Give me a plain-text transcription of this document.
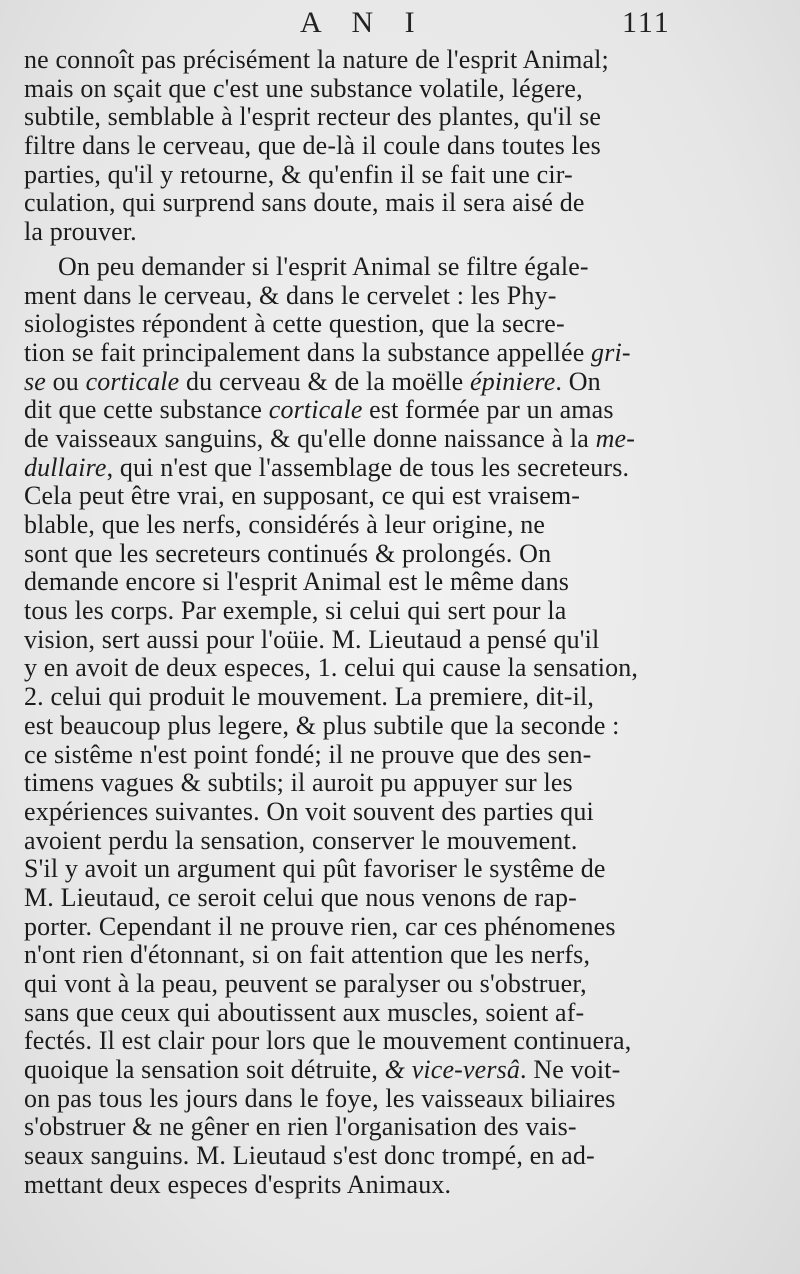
A N I	111
ne connoît pas précisément la nature de l'esprit Animal;
mais on sçait que c'est une substance volatile, légere,
subtile, semblable à l'esprit recteur des plantes, qu'il se
filtre dans le cerveau, que de-là il coule dans toutes les
parties, qu'il y retourne, & qu'enfin il se fait une cir-
culation, qui surprend sans doute, mais il sera aisé de
la prouver.
On peu demander si l'esprit Animal se filtre égale-
ment dans le cerveau, & dans le cervelet : les Phy-
siologistes répondent à cette question, que la secre-
tion se fait principalement dans la substance appellée gri-
se ou corticale du cerveau & de la moëlle épiniere. On
dit que cette substance corticale est formée par un amas
de vaisseaux sanguins, & qu'elle donne naissance à la me-
dullaire, qui n'est que l'assemblage de tous les secreteurs.
Cela peut être vrai, en supposant, ce qui est vraisem-
blable, que les nerfs, considérés à leur origine, ne
sont que les secreteurs continués & prolongés. On
demande encore si l'esprit Animal est le même dans
tous les corps. Par exemple, si celui qui sert pour la
vision, sert aussi pour l'oüie. M. Lieutaud a pensé qu'il
y en avoit de deux especes, 1. celui qui cause la sensation,
2. celui qui produit le mouvement. La premiere, dit-il,
est beaucoup plus legere, & plus subtile que la seconde :
ce sistême n'est point fondé; il ne prouve que des sen-
timens vagues & subtils; il auroit pu appuyer sur les
expériences suivantes. On voit souvent des parties qui
avoient perdu la sensation, conserver le mouvement.
S'il y avoit un argument qui pût favoriser le systême de
M. Lieutaud, ce seroit celui que nous venons de rap-
porter. Cependant il ne prouve rien, car ces phénomenes
n'ont rien d'étonnant, si on fait attention que les nerfs,
qui vont à la peau, peuvent se paralyser ou s'obstruer,
sans que ceux qui aboutissent aux muscles, soient af-
fectés. Il est clair pour lors que le mouvement continuera,
quoique la sensation soit détruite, & vice-versâ. Ne voit-
on pas tous les jours dans le foye, les vaisseaux biliaires
s'obstruer & ne gêner en rien l'organisation des vais-
seaux sanguins. M. Lieutaud s'est donc trompé, en ad-
mettant deux especes d'esprits Animaux.
